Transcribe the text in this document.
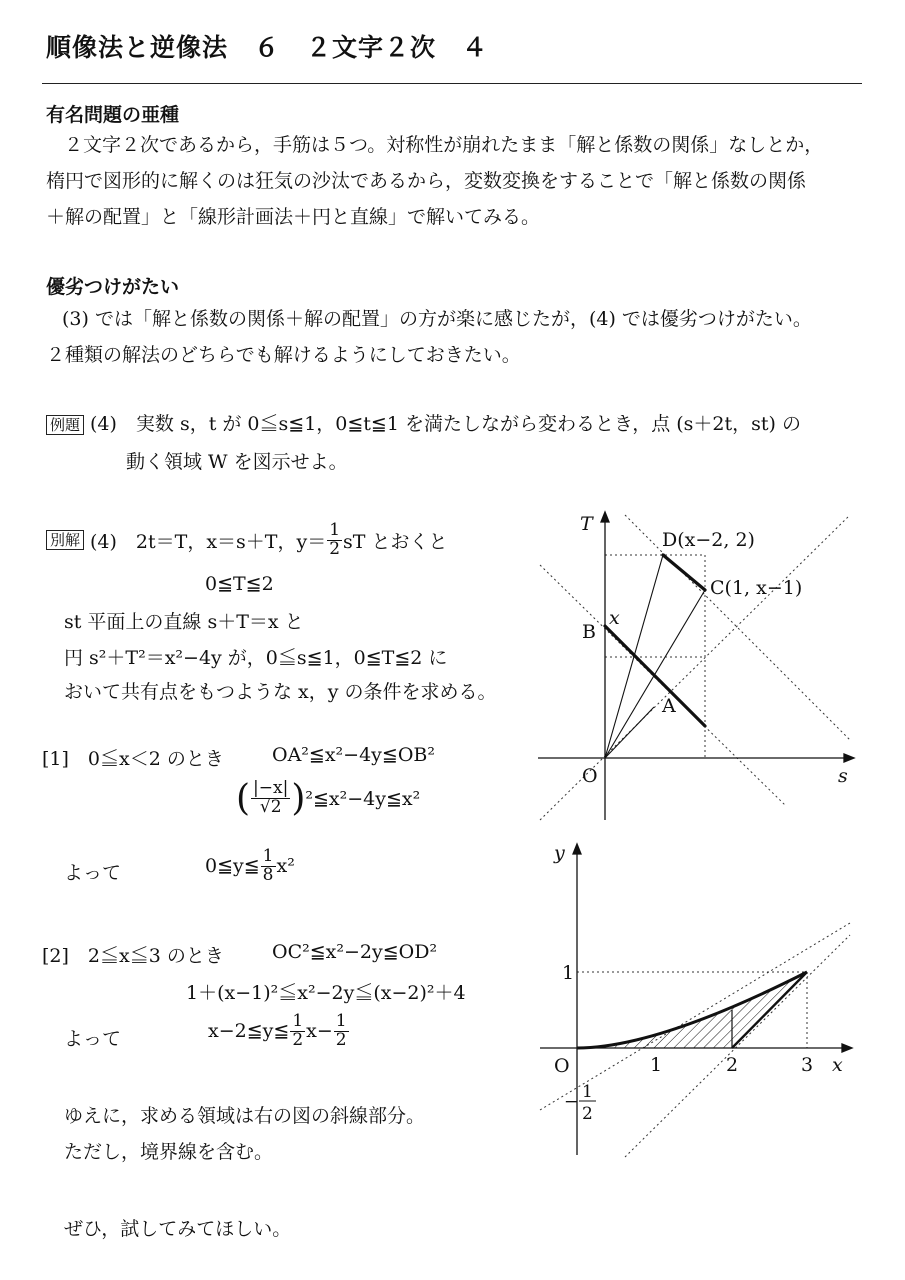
順像法と逆像法　６　２文字２次　４
有名問題の亜種
２文字２次であるから，手筋は５つ。対称性が崩れたまま「解と係数の関係」なしとか，
楕円で図形的に解くのは狂気の沙汰であるから，変数変換をすることで「解と係数の関係
＋解の配置」と「線形計画法＋円と直線」で解いてみる。
優劣つけがたい
(3) では「解と係数の関係＋解の配置」の方が楽に感じたが，(4) では優劣つけがたい。
２種類の解法のどちらでも解けるようにしておきたい。
例題 (4)　実数 s，t が 0≦s≦1，0≦t≦1 を満たしながら変わるとき，点 (s＋2t，st) の
動く領域 W を図示せよ。
別解 (4)　2t＝T，x＝s＋T，$y= \frac{1}{2}$ sT とおくと
0≦T≦2
st 平面上の直線 s＋T＝x と
円 s²＋T²＝x²−4y が，0≦s≦1，0≦T≦2 に
おいて共有点をもつような x，y の条件を求める。
[1]　0≦x＜2 のとき	OA²≦x²−4y≦OB²
( $\frac{|-x|}{√2}$ ) ²≦x²−4y≦x²
よって	0≦y≦ $\frac{1}{8} x^2$
[2]　2≦x≦3 のとき	OC²≦x²−2y≦OD²
1＋(x−1)²≦x²−2y≦(x−2)²＋4
よって	x−2≦y≦ $\frac{1}{2} x- \frac{1}{2}$
ゆえに，求める領域は右の図の斜線部分。
ただし，境界線を含む。
ぜひ，試してみてほしい。
T
s
O
D(x−2, 2)
C(1, x−1)
B
A
x
y
x
O	1	2	3
1
1
2
−
